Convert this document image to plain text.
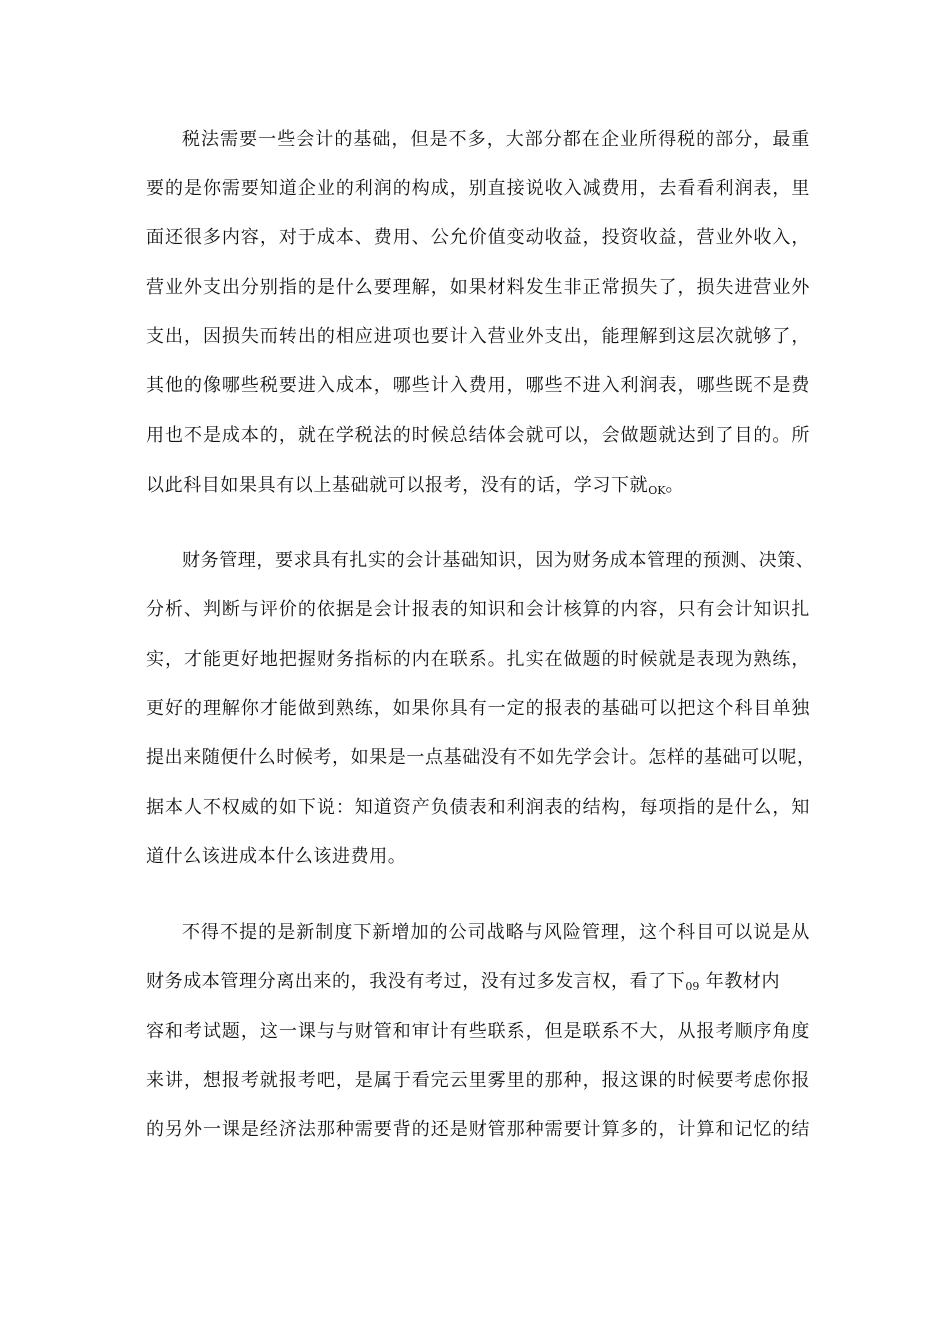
税法需要一些会计的基础，但是不多，大部分都在企业所得税的部分，最重
要的是你需要知道企业的利润的构成，别直接说收入减费用，去看看利润表，里
面还很多内容，对于成本、费用、公允价值变动收益，投资收益，营业外收入，
营业外支出分别指的是什么要理解，如果材料发生非正常损失了，损失进营业外
支出，因损失而转出的相应进项也要计入营业外支出，能理解到这层次就够了，
其他的像哪些税要进入成本，哪些计入费用，哪些不进入利润表，哪些既不是费
用也不是成本的，就在学税法的时候总结体会就可以，会做题就达到了目的。所
以此科目如果具有以上基础就可以报考，没有的话，学习下就OK。
财务管理，要求具有扎实的会计基础知识，因为财务成本管理的预测、决策、
分析、判断与评价的依据是会计报表的知识和会计核算的内容，只有会计知识扎
实，才能更好地把握财务指标的内在联系。扎实在做题的时候就是表现为熟练，
更好的理解你才能做到熟练，如果你具有一定的报表的基础可以把这个科目单独
提出来随便什么时候考，如果是一点基础没有不如先学会计。怎样的基础可以呢，
据本人不权威的如下说：知道资产负债表和利润表的结构，每项指的是什么，知
道什么该进成本什么该进费用。
不得不提的是新制度下新增加的公司战略与风险管理，这个科目可以说是从
财务成本管理分离出来的，我没有考过，没有过多发言权，看了下09 年教材内
容和考试题，这一课与与财管和审计有些联系，但是联系不大，从报考顺序角度
来讲，想报考就报考吧，是属于看完云里雾里的那种，报这课的时候要考虑你报
的另外一课是经济法那种需要背的还是财管那种需要计算多的，计算和记忆的结
